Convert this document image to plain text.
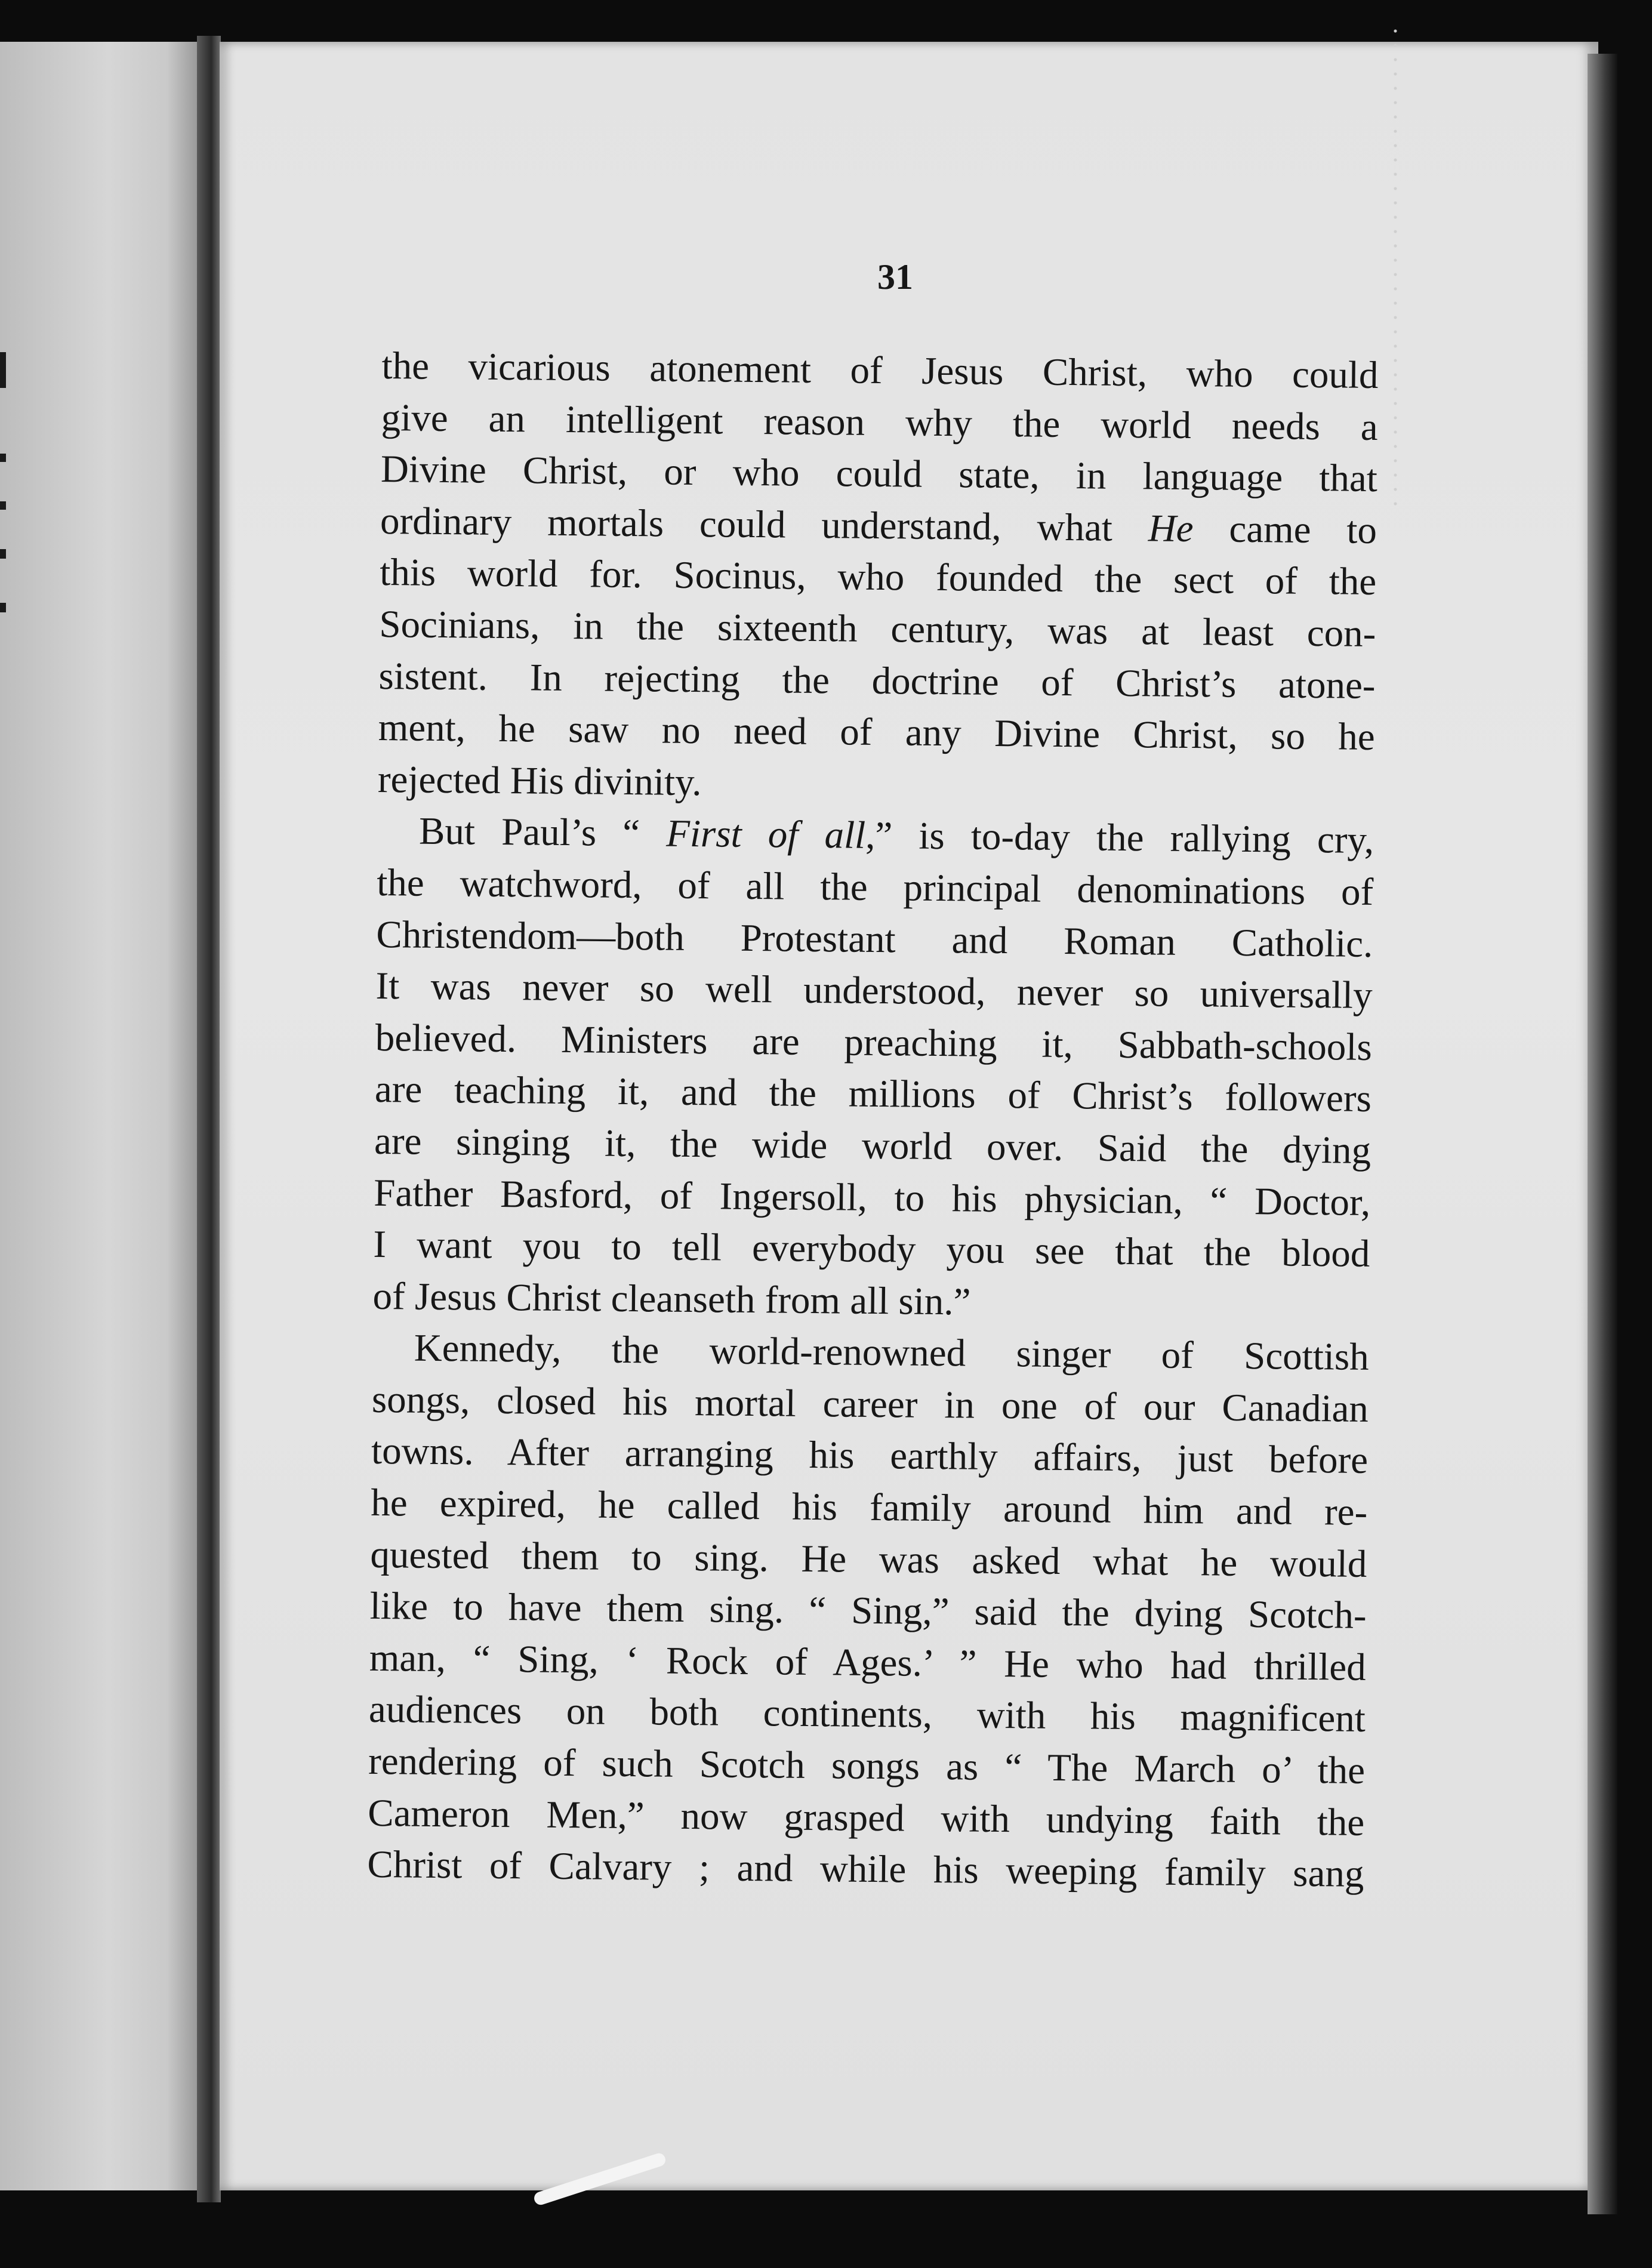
31
the vicarious atonement of Jesus Christ, who could
give an intelligent reason why the world needs a
Divine Christ, or who could state, in language that
ordinary mortals could understand, what He came to
this world for. Socinus, who founded the sect of the
Socinians, in the sixteenth century, was at least con-
sistent. In rejecting the doctrine of Christ’s atone-
ment, he saw no need of any Divine Christ, so he
rejected His divinity.
But Paul’s “ First of all,” is to-day the rallying cry,
the watchword, of all the principal denominations of
Christendom—both Protestant and Roman Catholic.
It was never so well understood, never so universally
believed. Ministers are preaching it, Sabbath-schools
are teaching it, and the millions of Christ’s followers
are singing it, the wide world over. Said the dying
Father Basford, of Ingersoll, to his physician, “ Doctor,
I want you to tell everybody you see that the blood
of Jesus Christ cleanseth from all sin.”
Kennedy, the world-renowned singer of Scottish
songs, closed his mortal career in one of our Canadian
towns. After arranging his earthly affairs, just before
he expired, he called his family around him and re-
quested them to sing. He was asked what he would
like to have them sing. “ Sing,” said the dying Scotch-
man, “ Sing, ‘ Rock of Ages.’ ” He who had thrilled
audiences on both continents, with his magnificent
rendering of such Scotch songs as “ The March o’ the
Cameron Men,” now grasped with undying faith the
Christ of Calvary ; and while his weeping family sang
